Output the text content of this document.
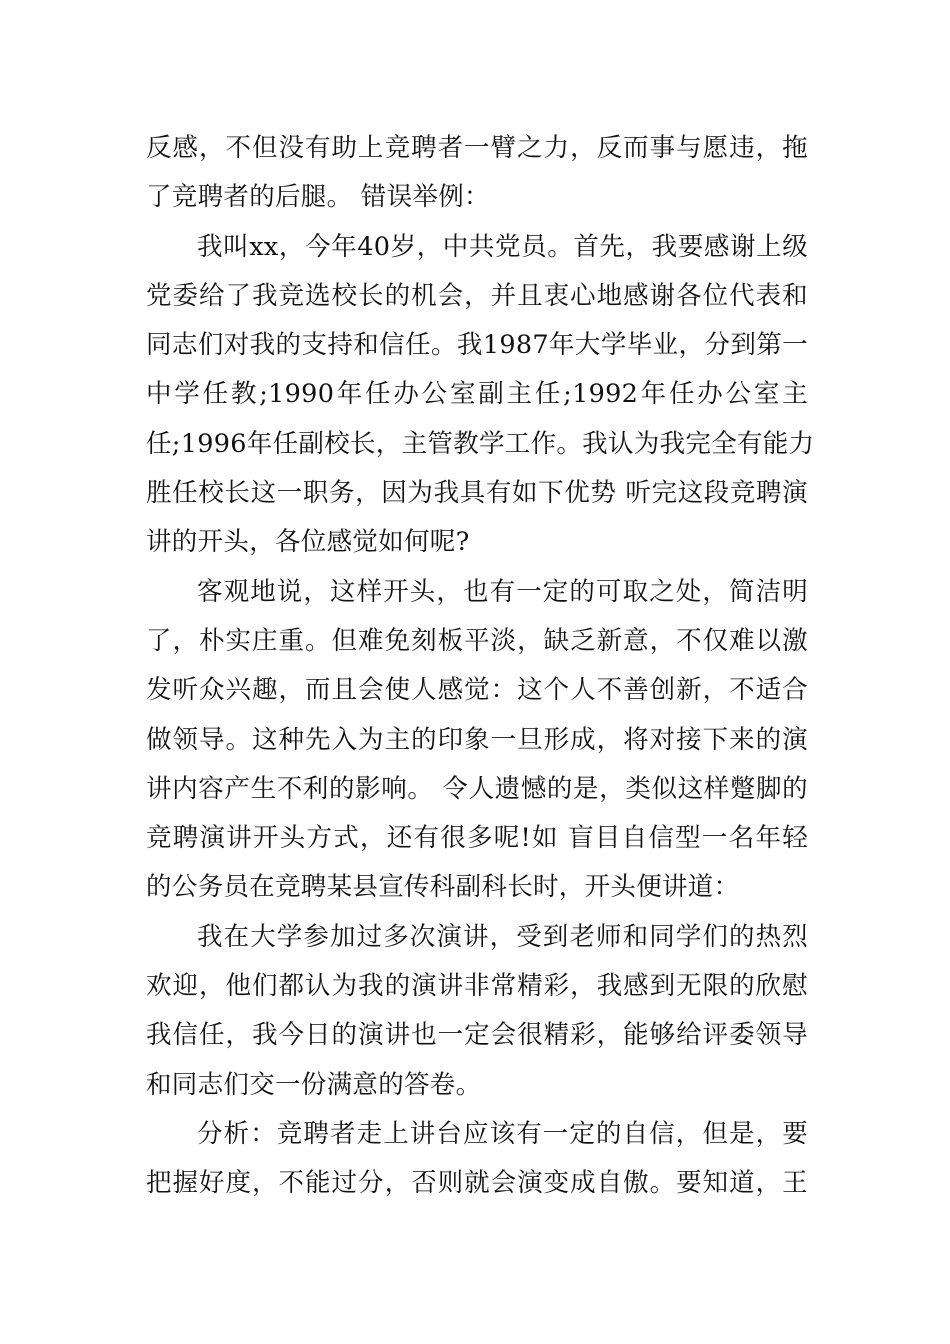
反感，不但没有助上竞聘者一臂之力，反而事与愿违，拖
了竞聘者的后腿。 错误举例：
我叫xx，今年40岁，中共党员。首先，我要感谢上级
党委给了我竞选校长的机会，并且衷心地感谢各位代表和
同志们对我的支持和信任。我1987年大学毕业，分到第一
中学任教;1990年任办公室副主任;1992年任办公室主
任;1996年任副校长，主管教学工作。我认为我完全有能力
胜任校长这一职务，因为我具有如下优势 听完这段竞聘演
讲的开头，各位感觉如何呢?
客观地说，这样开头，也有一定的可取之处，简洁明
了，朴实庄重。但难免刻板平淡，缺乏新意，不仅难以激
发听众兴趣，而且会使人感觉：这个人不善创新，不适合
做领导。这种先入为主的印象一旦形成，将对接下来的演
讲内容产生不利的影响。 令人遗憾的是，类似这样蹩脚的
竞聘演讲开头方式，还有很多呢!如 盲目自信型一名年轻
的公务员在竞聘某县宣传科副科长时，开头便讲道：
我在大学参加过多次演讲，受到老师和同学们的热烈
欢迎，他们都认为我的演讲非常精彩，我感到无限的欣慰
我信任，我今日的演讲也一定会很精彩，能够给评委领导
和同志们交一份满意的答卷。
分析：竞聘者走上讲台应该有一定的自信，但是，要
把握好度，不能过分，否则就会演变成自傲。要知道，王
